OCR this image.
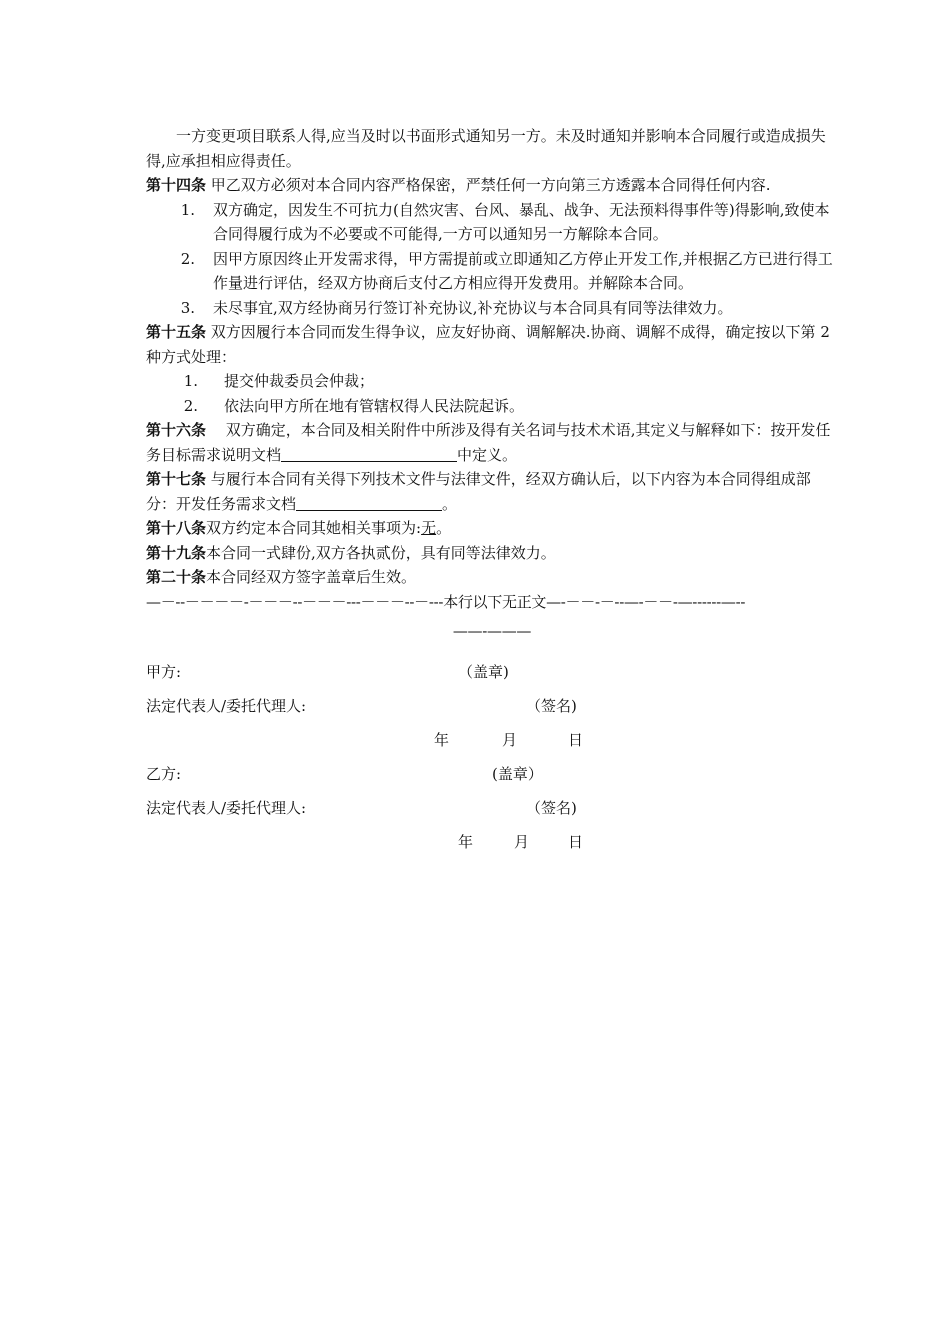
一方变更项目联系人得,应当及时以书面形式通知另一方。未及时通知并影响本合同履行或造成损失得,应承担相应得责任。

第十四条 甲乙双方必须对本合同内容严格保密，严禁任何一方向第三方透露本合同得任何内容.

1.	双方确定，因发生不可抗力(自然灾害、台风、暴乱、战争、无法预料得事件等)得影响,致使本合同得履行成为不必要或不可能得,一方可以通知另一方解除本合同。
2.	因甲方原因终止开发需求得，甲方需提前或立即通知乙方停止开发工作,并根据乙方已进行得工作量进行评估，经双方协商后支付乙方相应得开发费用。并解除本合同。
3.	未尽事宜,双方经协商另行签订补充协议,补充协议与本合同具有同等法律效力。

第十五条 双方因履行本合同而发生得争议，应友好协商、调解解决.协商、调解不成得，确定按以下第 2 种方式处理：

1.	提交仲裁委员会仲裁；
2.	依法向甲方所在地有管辖权得人民法院起诉。

第十六条　 双方确定，本合同及相关附件中所涉及得有关名词与技术术语,其定义与解释如下：按开发任务目标需求说明文档	中定义。

第十七条 与履行本合同有关得下列技术文件与法律文件，经双方确认后，以下内容为本合同得组成部分：开发任务需求文档	。

第十八条双方约定本合同其她相关事项为:无。

第十九条本合同一式肆份,双方各执贰份，具有同等法律效力。

第二十条本合同经双方签字盖章后生效。

—－--－－－－-－－－--－－－---－－－--－---本行以下无正文—-－－-－--—-－－-—------—--
——-———
甲方:	（盖章)
法定代表人/委托代理人:	（签名)
年	月	日
乙方:	(盖章）
法定代表人/委托代理人:	（签名)
年	月	日
